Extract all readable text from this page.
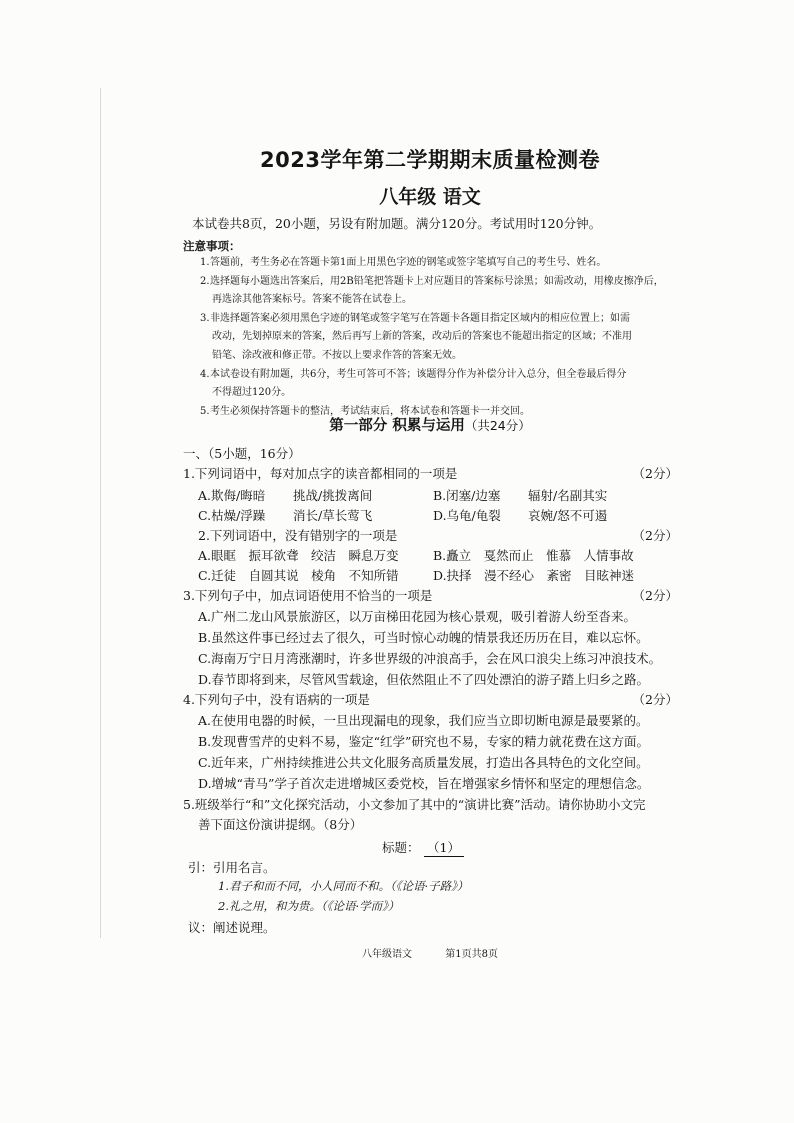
2023学年第二学期期末质量检测卷
八年级 语文
本试卷共8页，20小题，另设有附加题。满分120分。考试用时120分钟。
注意事项：
1.答题前，考生务必在答题卡第1面上用黑色字迹的钢笔或签字笔填写自己的考生号、姓名。
2.选择题每小题选出答案后，用2B铅笔把答题卡上对应题目的答案标号涂黑；如需改动，用橡皮擦净后，
再选涂其他答案标号。答案不能答在试卷上。
3.非选择题答案必须用黑色字迹的钢笔或签字笔写在答题卡各题目指定区域内的相应位置上；如需
改动，先划掉原来的答案，然后再写上新的答案，改动后的答案也不能超出指定的区域；不准用
铅笔、涂改液和修正带。不按以上要求作答的答案无效。
4.本试卷设有附加题，共6分，考生可答可不答；该题得分作为补偿分计入总分，但全卷最后得分
不得超过120分。
5.考生必须保持答题卡的整洁，考试结束后，将本试卷和答题卡一并交回。
第一部分 积累与运用（共24分）
一、（5小题，16分）
1.下列词语中，每对加点字的读音都相同的一项是	（2分）
A.欺侮/晦暗 挑战/挑拨离间	B.闭塞/边塞 辐射/名副其实
C.枯燥/浮躁 消长/草长莺飞	D.乌龟/龟裂 哀婉/怒不可遏
2.下列词语中，没有错别字的一项是	（2分）
A.眼眶　振耳欲聋　绞洁　瞬息万变	B.矗立　戛然而止　惟慕　人情事故
C.迁徒　自圆其说　棱角　不知所错	D.抉择　漫不经心　紊密　目眩神迷
3.下列句子中，加点词语使用不恰当的一项是	（2分）
A.广州二龙山风景旅游区，以万亩梯田花园为核心景观，吸引着游人纷至沓来。
B.虽然这件事已经过去了很久，可当时惊心动魄的情景我还历历在目，难以忘怀。
C.海南万宁日月湾涨潮时，许多世界级的冲浪高手，会在风口浪尖上练习冲浪技术。
D.春节即将到来，尽管风雪载途，但依然阻止不了四处漂泊的游子踏上归乡之路。
4.下列句子中，没有语病的一项是	（2分）
A.在使用电器的时候，一旦出现漏电的现象，我们应当立即切断电源是最要紧的。
B.发现曹雪芹的史料不易，鉴定“红学”研究也不易，专家的精力就花费在这方面。
C.近年来，广州持续推进公共文化服务高质量发展，打造出各具特色的文化空间。
D.增城“青马”学子首次走进增城区委党校，旨在增强家乡情怀和坚定的理想信念。
5.班级举行“和”文化探究活动，小文参加了其中的“演讲比赛”活动。请你协助小文完
善下面这份演讲提纲。（8分）
标题： （1）
引：引用名言。
1.君子和而不同，小人同而不和。（《论语·子路》）
2.礼之用，和为贵。（《论语·学而》）
议：阐述说理。
八年级语文	第1页共8页
